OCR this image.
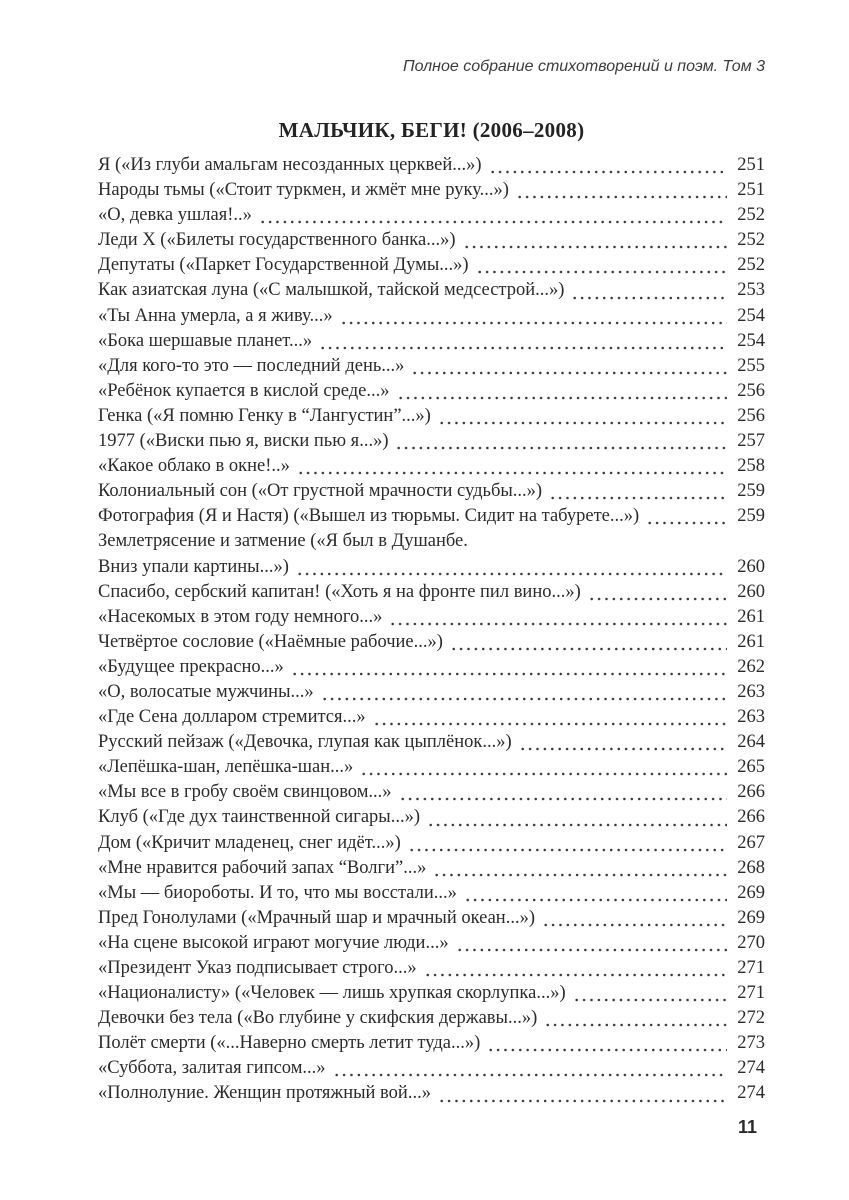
Полное собрание стихотворений и поэм. Том 3
МАЛЬЧИК, БЕГИ! (2006–2008)
Я («Из глуби амальгам несозданных церквей...»)	251
Народы тьмы («Стоит туркмен, и жмёт мне руку...»)	251
«О, девка ушлая!..»	252
Леди Х («Билеты государственного банка...»)	252
Депутаты («Паркет Государственной Думы...»)	252
Как азиатская луна («С малышкой, тайской медсестрой...»)	253
«Ты Анна умерла, а я живу...»	254
«Бока шершавые планет...»	254
«Для кого-то это — последний день...»	255
«Ребёнок купается в кислой среде...»	256
Генка («Я помню Генку в “Лангустин”...»)	256
1977 («Виски пью я, виски пью я...»)	257
«Какое облако в окне!..»	258
Колониальный сон («От грустной мрачности судьбы...»)	259
Фотография (Я и Настя) («Вышел из тюрьмы. Сидит на табурете...»)	259
Землетрясение и затмение («Я был в Душанбе.
Вниз упали картины...»)	260
Спасибо, сербский капитан! («Хоть я на фронте пил вино...»)	260
«Насекомых в этом году немного...»	261
Четвёртое сословие («Наёмные рабочие...»)	261
«Будущее прекрасно...»	262
«О, волосатые мужчины...»	263
«Где Сена долларом стремится...»	263
Русский пейзаж («Девочка, глупая как цыплёнок...»)	264
«Лепёшка-шан, лепёшка-шан...»	265
«Мы все в гробу своём свинцовом...»	266
Клуб («Где дух таинственной сигары...»)	266
Дом («Кричит младенец, снег идёт...»)	267
«Мне нравится рабочий запах “Волги”...»	268
«Мы — биороботы. И то, что мы восстали...»	269
Пред Гонолулами («Мрачный шар и мрачный океан...»)	269
«На сцене высокой играют могучие люди...»	270
«Президент Указ подписывает строго...»	271
«Националисту» («Человек — лишь хрупкая скорлупка...»)	271
Девочки без тела («Во глубине у скифския державы...»)	272
Полёт смерти («...Наверно смерть летит туда...»)	273
«Суббота, залитая гипсом...»	274
«Полнолуние. Женщин протяжный вой...»	274
11
